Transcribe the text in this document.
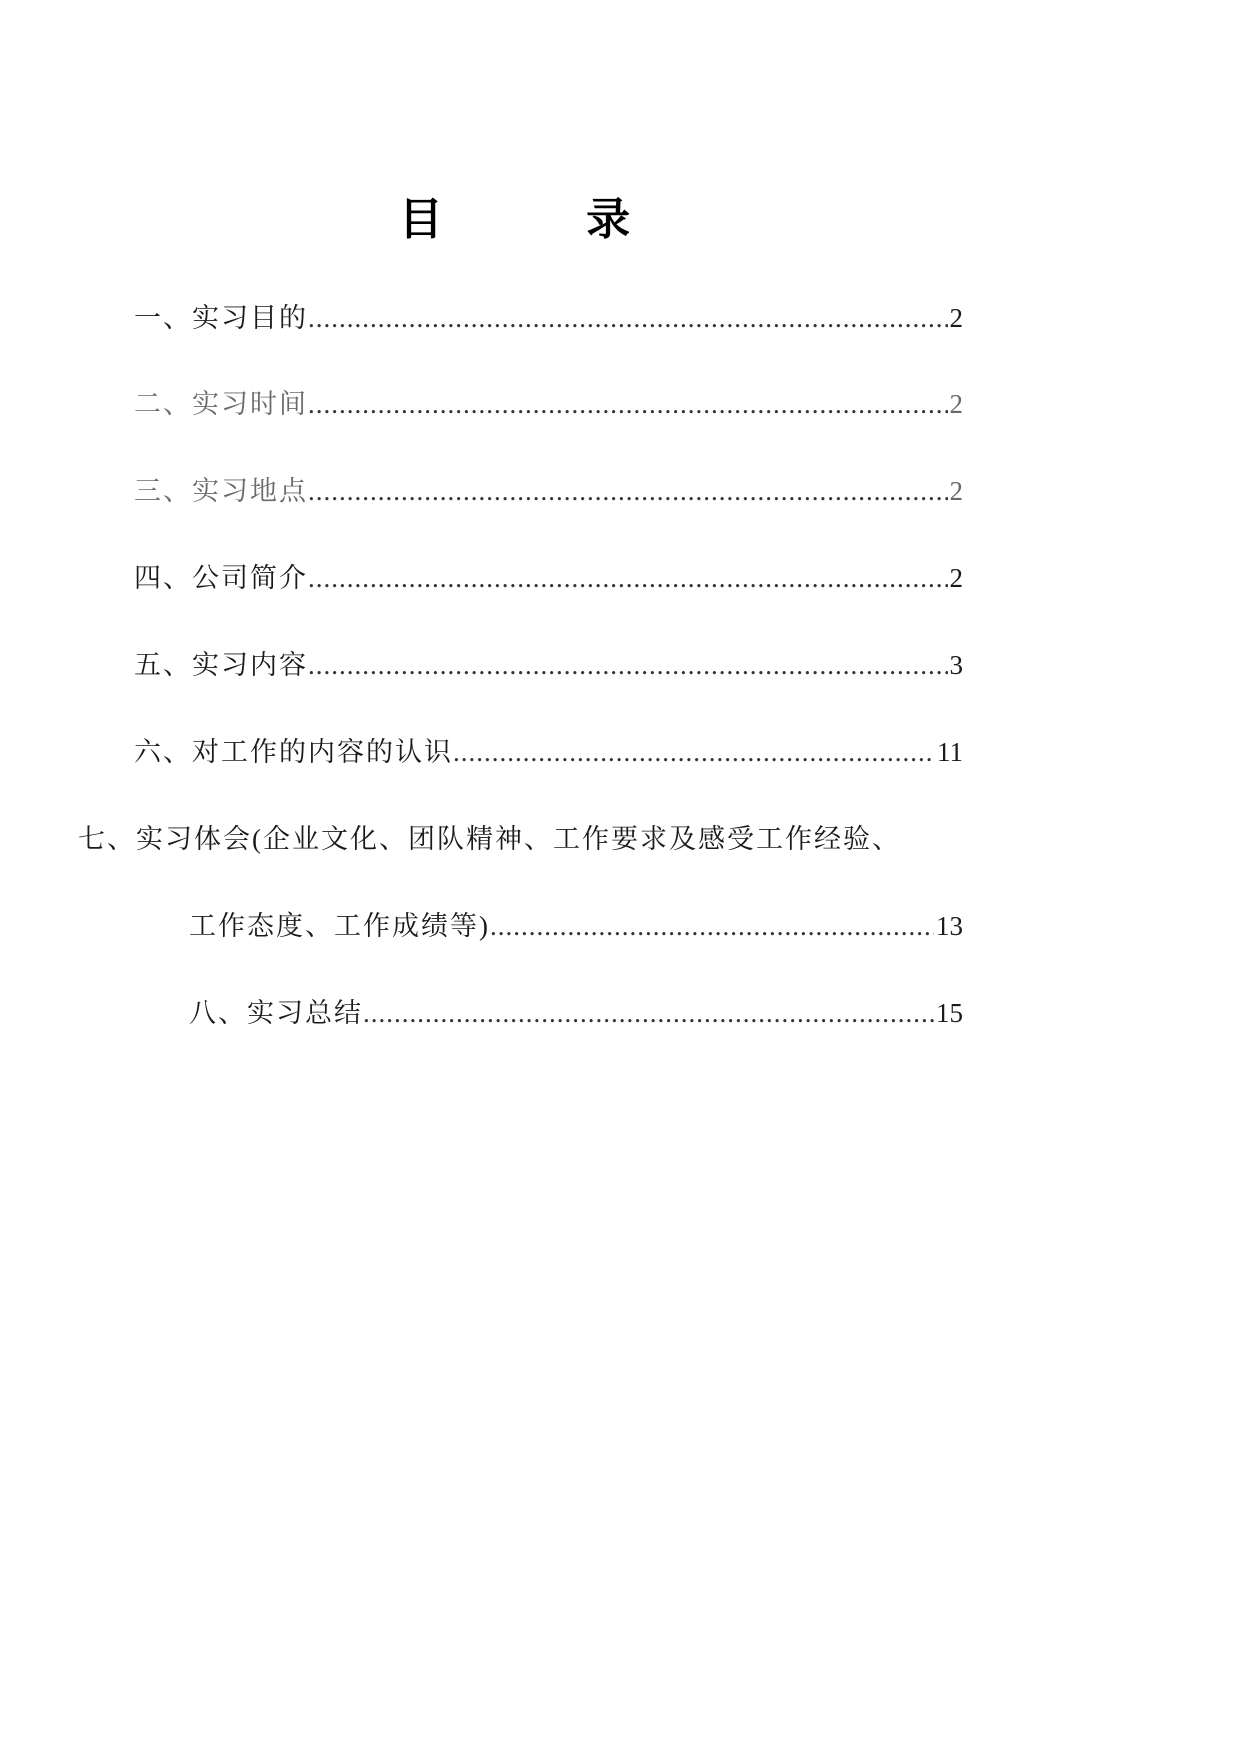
目 录
一、实习目的 .....	2
二、实习时间 .....	2
三、实习地点 .....	2
四、公司简介 .....	2
五、实习内容 .....	3
六、对工作的内容的认识 .....	11
七、实习体会(企业文化、团队精神、工作要求及感受工作经验、
工作态度、工作成绩等) .....	13
八、实习总结 .....	15
